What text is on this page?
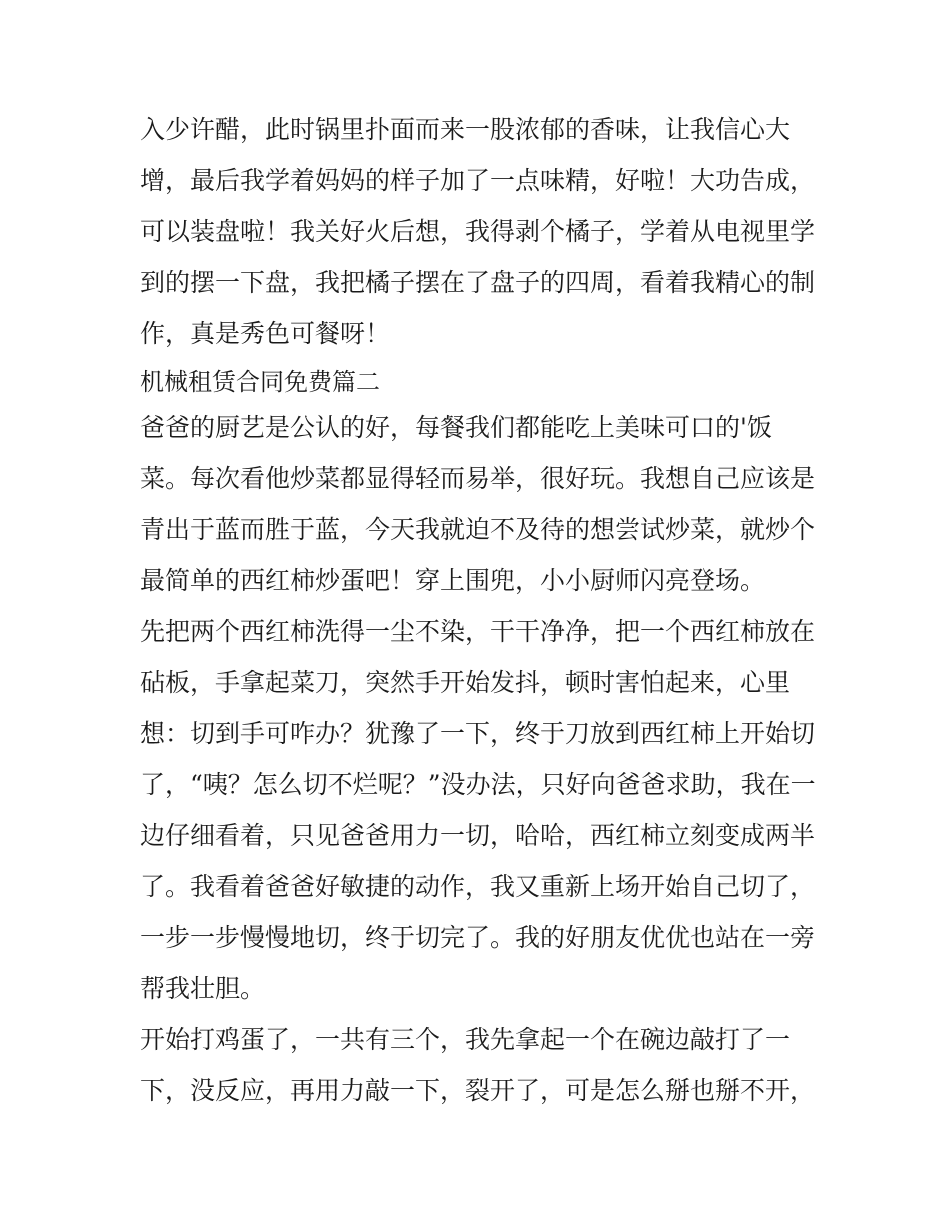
入少许醋，此时锅里扑面而来一股浓郁的香味，让我信心大
增，最后我学着妈妈的样子加了一点味精，好啦！大功告成，
可以装盘啦！我关好火后想，我得剥个橘子，学着从电视里学
到的摆一下盘，我把橘子摆在了盘子的四周，看着我精心的制
作，真是秀色可餐呀！
机械租赁合同免费篇二
爸爸的厨艺是公认的好，每餐我们都能吃上美味可口的'饭
菜。每次看他炒菜都显得轻而易举，很好玩。我想自己应该是
青出于蓝而胜于蓝，今天我就迫不及待的想尝试炒菜，就炒个
最简单的西红柿炒蛋吧！穿上围兜，小小厨师闪亮登场。
先把两个西红柿洗得一尘不染，干干净净，把一个西红柿放在
砧板，手拿起菜刀，突然手开始发抖，顿时害怕起来，心里
想：切到手可咋办？犹豫了一下，终于刀放到西红柿上开始切
了，“咦？怎么切不烂呢？”没办法，只好向爸爸求助，我在一
边仔细看着，只见爸爸用力一切，哈哈，西红柿立刻变成两半
了。我看着爸爸好敏捷的动作，我又重新上场开始自己切了，
一步一步慢慢地切，终于切完了。我的好朋友优优也站在一旁
帮我壮胆。
开始打鸡蛋了，一共有三个，我先拿起一个在碗边敲打了一
下，没反应，再用力敲一下，裂开了，可是怎么掰也掰不开，
